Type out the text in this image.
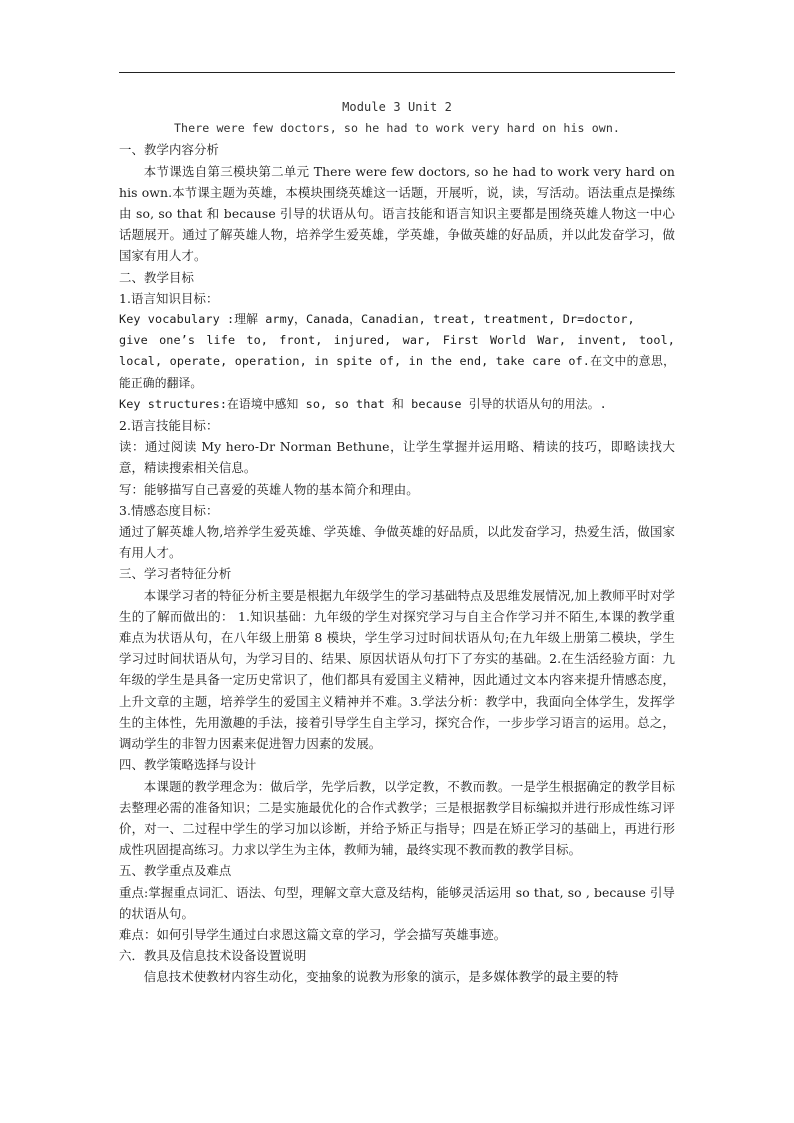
Module 3 Unit 2
There were few doctors, so he had to work very hard on his own.

一、教学内容分析

本节课选自第三模块第二单元 There were few doctors, so he had to work very hard on his own.本节课主题为英雄，本模块围绕英雄这一话题，开展听，说，读，写活动。语法重点是操练由 so, so that 和 because 引导的状语从句。语言技能和语言知识主要都是围绕英雄人物这一中心话题展开。通过了解英雄人物，培养学生爱英雄，学英雄，争做英雄的好品质，并以此发奋学习，做国家有用人才。

二、教学目标

1.语言知识目标：

Key vocabulary :理解 army，Canada，Canadian, treat, treatment, Dr=doctor,

give one’s life to, front, injured, war, First World War, invent, tool, local, operate, operation, in spite of, in the end, take care of.在文中的意思，能正确的翻译。

Key structures:在语境中感知 so, so that 和 because 引导的状语从句的用法。.

2.语言技能目标：

读：通过阅读 My hero-Dr Norman Bethune，让学生掌握并运用略、精读的技巧，即略读找大意，精读搜索相关信息。

写：能够描写自己喜爱的英雄人物的基本简介和理由。

3.情感态度目标：

通过了解英雄人物,培养学生爱英雄、学英雄、争做英雄的好品质，以此发奋学习，热爱生活，做国家有用人才。

三、学习者特征分析

本课学习者的特征分析主要是根据九年级学生的学习基础特点及思维发展情况,加上教师平时对学生的了解而做出的： 1.知识基础：九年级的学生对探究学习与自主合作学习并不陌生,本课的教学重难点为状语从句，在八年级上册第 8 模块，学生学习过时间状语从句;在九年级上册第二模块，学生学习过时间状语从句，为学习目的、结果、原因状语从句打下了夯实的基础。2.在生活经验方面：九年级的学生是具备一定历史常识了，他们都具有爱国主义精神，因此通过文本内容来提升情感态度，上升文章的主题，培养学生的爱国主义精神并不难。3.学法分析：教学中，我面向全体学生，发挥学生的主体性，先用激趣的手法，接着引导学生自主学习，探究合作，一步步学习语言的运用。总之，调动学生的非智力因素来促进智力因素的发展。

四、教学策略选择与设计

本课题的教学理念为：做后学，先学后教，以学定教，不教而教。一是学生根据确定的教学目标去整理必需的准备知识；二是实施最优化的合作式教学；三是根据教学目标编拟并进行形成性练习评价，对一、二过程中学生的学习加以诊断，并给予矫正与指导；四是在矫正学习的基础上，再进行形成性巩固提高练习。力求以学生为主体，教师为辅，最终实现不教而教的教学目标。

五、教学重点及难点

重点:掌握重点词汇、语法、句型，理解文章大意及结构，能够灵活运用 so that, so , because 引导的状语从句。

难点：如何引导学生通过白求恩这篇文章的学习，学会描写英雄事迹。

六．教具及信息技术设备设置说明

信息技术使教材内容生动化，变抽象的说教为形象的演示，是多媒体教学的最主要的特
